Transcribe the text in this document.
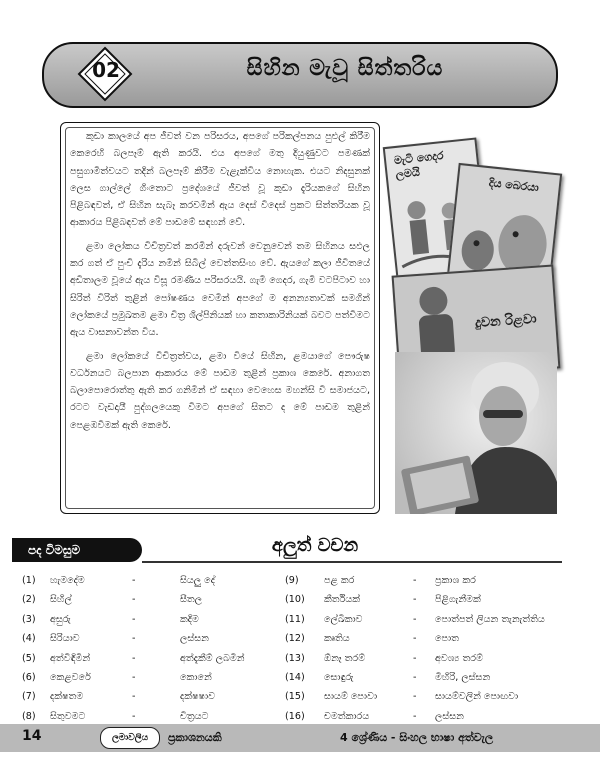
02	සිහින මැවූ සිත්තරිය

කුඩා කාලයේ අප ජීවත් වන පරිසරය, අපගේ පරිකල්පනය පුළුල් කිරීම කෙරෙහි බලපෑම් ඇති කරයි. එය අපගේ මතු දියුණුවට පමණක් පසුගාමීත්වයට තදින් බලපෑම් කිරීම වැළැක්විය නොහැක. එයට නිදසුනක් ලෙස ගාල්ලේ ගිංතොට ප්‍රදේශයේ ජීවත් වූ කුඩා දැරියකගේ සිහින පිළිබඳවත්, ඒ සිහින සැබෑ කරවමින් ඇය දෙස් විදෙස් ප්‍රකට සිත්තරියක වූ ආකාරය පිළිබඳවත් මේ පාඩමේ සඳහන් වේ.

ළමා ලෝකය විචිත්‍රවත් කරමින් දරුවන් වෙනුවෙන් තම සිහිනය සඵල කර ගත් ඒ පුංචි දැරිය නමින් සිබිල් වෙත්තසිංහ වේ. ඇයගේ කලා ජීවිතයේ අඩිතාලම වූයේ ඇය විසූ රමණීය පරිසරයයි. ගැමි ගෙදර, ගැමි වටපිටාව හා සිරිත් විරිත් තුළින් පෝෂණය වෙමින් අපගේ ම අනන්‍යතාවක් සමගින් ලෝකයේ ප්‍රමුඛතම ළමා චිත්‍ර ශිල්පිනියක් හා කතාකාරිනියක් බවට පත්වීමට ඇය වාසනාවන්ත විය.

ළමා ලෝකයේ විචිත්‍රත්වය, ළමා වියේ සිහින, ළමයාගේ පෞරුෂ වර්ධනයට බලපාන ආකාරය මේ පාඩම තුළින් ප්‍රකාශ කෙරේ. අනාගත බලාපොරොත්තු ඇති කර ගනිමින් ඒ සඳහා වෙහෙස මහන්සි වී සමාජයට, රටට වැඩදායී පුද්ගලයෙකු වීමට අපගේ සිතට ද මේ පාඩම තුළින් පෙළඹවීමක් ඇති කෙරේ.

මැටි ගෙදර ලමයි
දිය බෙරයා
දුවන රිළවා
පද විමසුම	අලුත් වචන
(1) හැමදේම	-	සියලු දේ
(2) සිහිල්	-	සීතල
(3) අසුරු	-	කදිම
(4) සිරියාව	-	ලස්සන
(5) අත්විඳිමින්	-	අත්දැකීම් ලබමින්
(6) කෙළවරේ	-	කොනේ
(7) දක්ෂතම	-	දක්ෂ‍ෂාව
(8) සිතුවමට	-	චිත්‍රයට
(9)	පළ කර	- ප්‍රකාශ කර
(10) කීර්තියක්	- පිළිගැනීමක්
(11) ලේඛිකාව	- පොත්පත් ලියන තැනැත්තිය
(12) කෘතිය	- පොත
(13) ඕනෑ තරම්	- අවශ්‍ය තරම්
(14) සොඳුරු	- මිහිරි, ලස්සන
(15) සායම් පොවා	- සායම්වලින් පොඟවා
(16) චමත්කාරය	- ලස්සන
14	ලමාවලිය	ප්‍රකාශනයකි	4 ශ්‍රේණිය - සිංහල භාෂා අත්වැල
